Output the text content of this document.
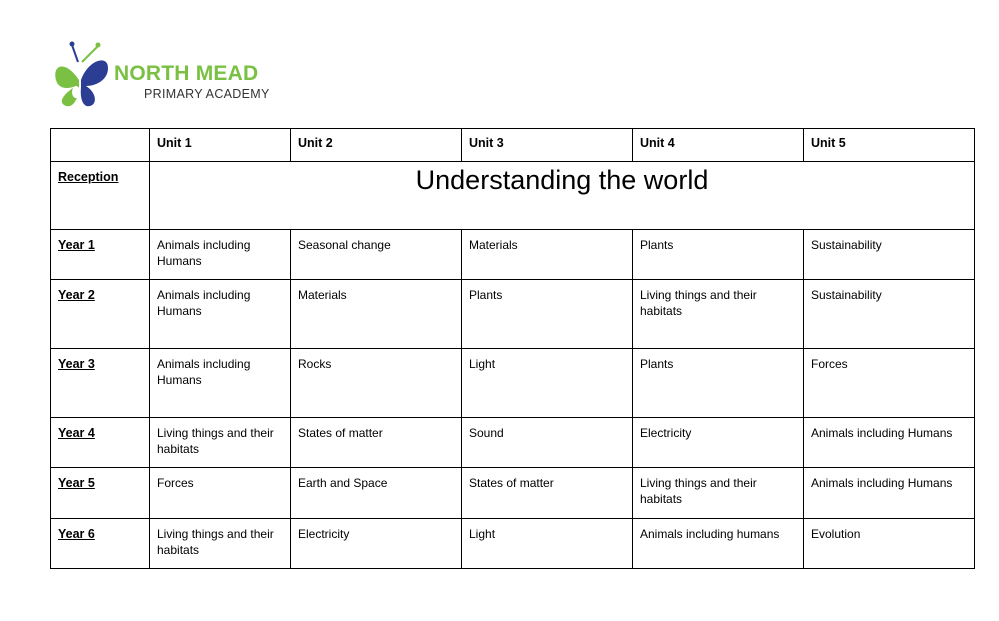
NORTH MEAD
PRIMARY ACADEMY
	Unit 1	Unit 2	Unit 3	Unit 4	Unit 5
Reception	Understanding the world				
Year 1	Animals including Humans	Seasonal change	Materials	Plants	Sustainability
Year 2	Animals including Humans	Materials	Plants	Living things and their habitats	Sustainability
Year 3	Animals including Humans	Rocks	Light	Plants	Forces
Year 4	Living things and their habitats	States of matter	Sound	Electricity	Animals including Humans
Year 5	Forces	Earth and Space	States of matter	Living things and their habitats	Animals including Humans
Year 6	Living things and their habitats	Electricity	Light	Animals including humans	Evolution
